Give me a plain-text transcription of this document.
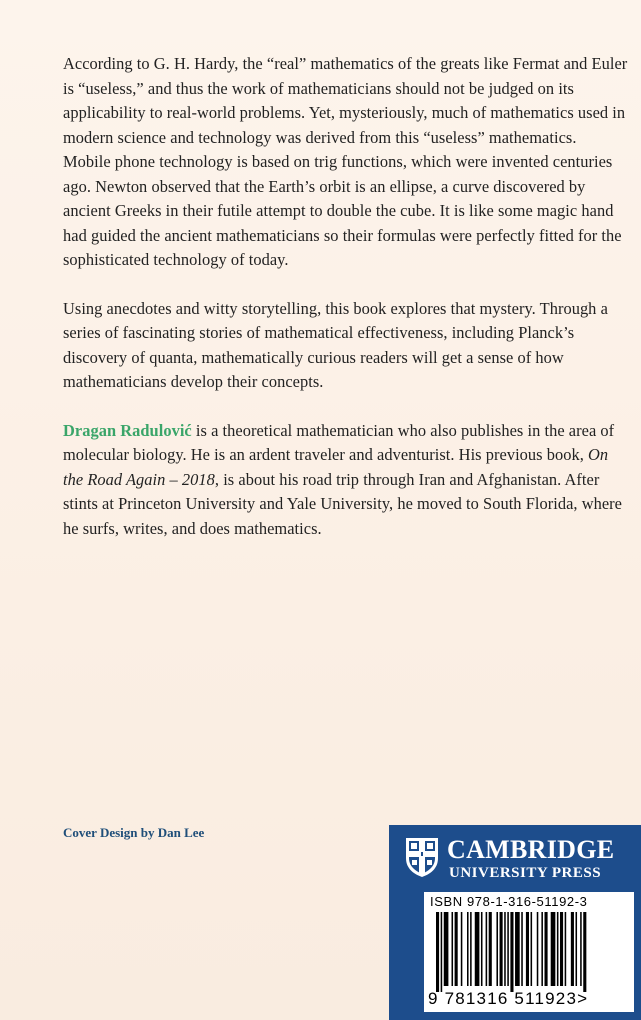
According to G. H. Hardy, the “real” mathematics of the greats like Fermat and Euler is “useless,” and thus the work of mathematicians should not be judged on its applicability to real-world problems. Yet, mysteriously, much of mathematics used in modern science and technology was derived from this “useless” mathematics. Mobile phone technology is based on trig functions, which were invented centuries ago. Newton observed that the Earth’s orbit is an ellipse, a curve discovered by ancient Greeks in their futile attempt to double the cube. It is like some magic hand had guided the ancient mathematicians so their formulas were perfectly fitted for the sophisticated technology of today.

Using anecdotes and witty storytelling, this book explores that mystery. Through a series of fascinating stories of mathematical effectiveness, including Planck’s discovery of quanta, mathematically curious readers will get a sense of how mathematicians develop their concepts.

Dragan Radulović is a theoretical mathematician who also publishes in the area of molecular biology. He is an ardent traveler and adventurist. His previous book, On the Road Again – 2018, is about his road trip through Iran and Afghanistan. After stints at Princeton University and Yale University, he moved to South Florida, where he surfs, writes, and does mathematics.

Cover Design by Dan Lee
CAMBRIDGE
UNIVERSITY PRESS
ISBN 978-1-316-51192-3
9 781316 511923>
